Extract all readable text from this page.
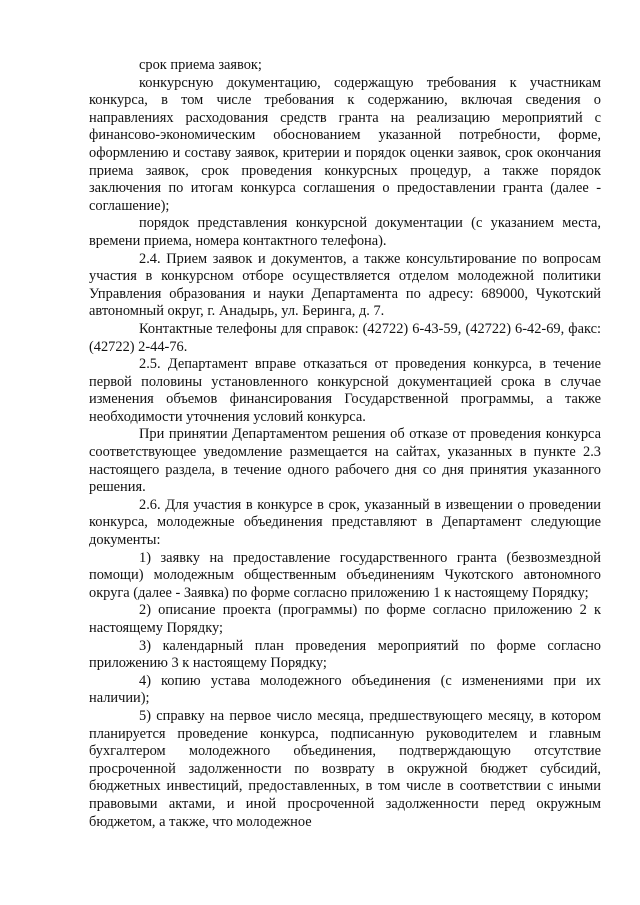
срок приема заявок;

конкурсную документацию, содержащую требования к участникам конкурса, в том числе требования к содержанию, включая сведения о направлениях расходования средств гранта на реализацию мероприятий с финансово-экономическим обоснованием указанной потребности, форме, оформлению и составу заявок, критерии и порядок оценки заявок, срок окончания приема заявок, срок проведения конкурсных процедур, а также порядок заключения по итогам конкурса соглашения о предоставлении гранта (далее - соглашение);

порядок представления конкурсной документации (с указанием места, времени приема, номера контактного телефона).

2.4. Прием заявок и документов, а также консультирование по вопросам участия в конкурсном отборе осуществляется отделом молодежной политики Управления образования и науки Департамента по адресу: 689000, Чукотский автономный округ, г. Анадырь, ул. Беринга, д. 7.

Контактные телефоны для справок: (42722) 6-43-59, (42722) 6-42-69, факс: (42722) 2-44-76.

2.5. Департамент вправе отказаться от проведения конкурса, в течение первой половины установленного конкурсной документацией срока в случае изменения объемов финансирования Государственной программы, а также необходимости уточнения условий конкурса.

При принятии Департаментом решения об отказе от проведения конкурса соответствующее уведомление размещается на сайтах, указанных в пункте 2.3 настоящего раздела, в течение одного рабочего дня со дня принятия указанного решения.

2.6. Для участия в конкурсе в срок, указанный в извещении о проведении конкурса, молодежные объединения представляют в Департамент следующие документы:

1) заявку на предоставление государственного гранта (безвозмездной помощи) молодежным общественным объединениям Чукотского автономного округа (далее - Заявка) по форме согласно приложению 1 к настоящему Порядку;

2) описание проекта (программы) по форме согласно приложению 2 к настоящему Порядку;

3) календарный план проведения мероприятий по форме согласно приложению 3 к настоящему Порядку;

4) копию устава молодежного объединения (с изменениями при их наличии);

5) справку на первое число месяца, предшествующего месяцу, в котором планируется проведение конкурса, подписанную руководителем и главным бухгалтером молодежного объединения, подтверждающую отсутствие просроченной задолженности по возврату в окружной бюджет субсидий, бюджетных инвестиций, предоставленных, в том числе в соответствии с иными правовыми актами, и иной просроченной задолженности перед окружным бюджетом, а также, что молодежное
